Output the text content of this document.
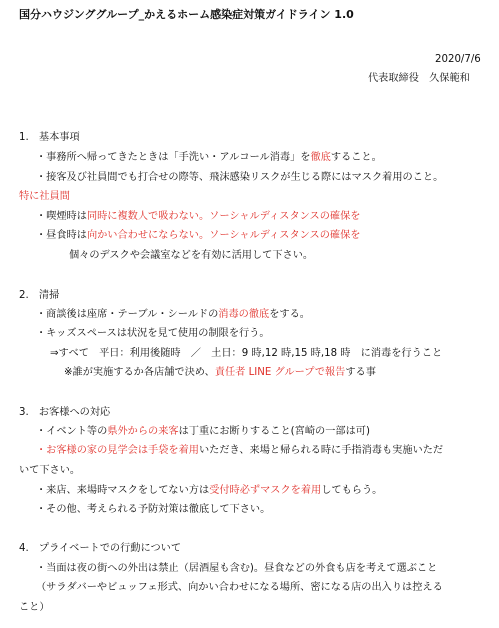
国分ハウジンググループ_かえるホーム感染症対策ガイドライン 1.0
2020/7/6
代表取締役　久保範和
1.　基本事項
・事務所へ帰ってきたときは「手洗い・アルコール消毒」を徹底すること。
・接客及び社員間でも打合せの際等、飛沫感染リスクが生じる際にはマスク着用のこと。
特に社員間
・喫煙時は同時に複数人で吸わない。ソーシャルディスタンスの確保を
・昼食時は向かい合わせにならない。ソーシャルディスタンスの確保を
個々のデスクや会議室などを有効に活用して下さい。
2.　清掃
・商談後は座席・テーブル・シールドの消毒の徹底をする。
・キッズスペースは状況を見て使用の制限を行う。
⇒すべて　平日：利用後随時　／　土日：9 時,12 時,15 時,18 時　に消毒を行うこと
※誰が実施するか各店舗で決め、責任者 LINE グループで報告する事
3.　お客様への対応
・イベント等の県外からの来客は丁重にお断りすること(宮崎の一部は可)
・お客様の家の見学会は手袋を着用いただき、来場と帰られる時に手指消毒も実施いただ
いて下さい。
・来店、来場時マスクをしてない方は受付時必ずマスクを着用してもらう。
・その他、考えられる予防対策は徹底して下さい。
4.　プライベートでの行動について
・当面は夜の街への外出は禁止（居酒屋も含む)。昼食などの外食も店を考えて選ぶこと
（サラダバーやビュッフェ形式、向かい合わせになる場所、密になる店の出入りは控える
こと）
